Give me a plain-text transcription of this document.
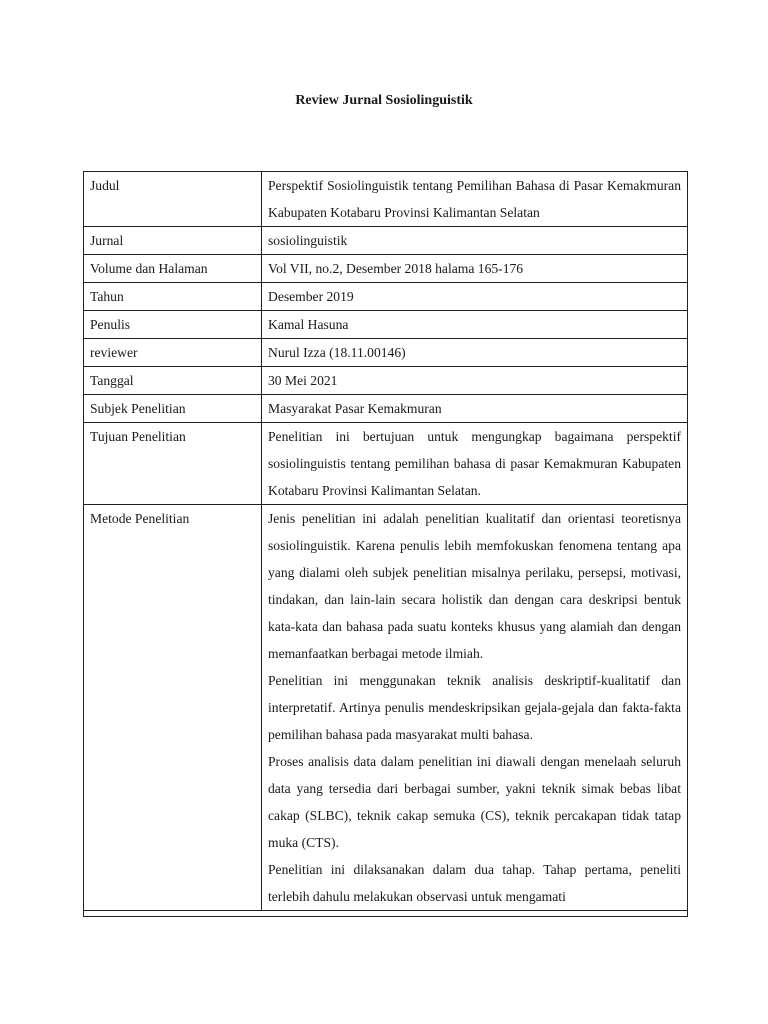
Review Jurnal Sosiolinguistik
Judul	Perspektif Sosiolinguistik tentang Pemilihan Bahasa di Pasar Kemakmuran Kabupaten Kotabaru Provinsi Kalimantan Selatan

Jurnal	sosiolinguistik

Volume dan Halaman	Vol VII, no.2, Desember 2018 halama 165-176

Tahun	Desember 2019

Penulis	Kamal Hasuna

reviewer	Nurul Izza (18.11.00146)

Tanggal	30 Mei 2021

Subjek Penelitian	Masyarakat Pasar Kemakmuran

Tujuan Penelitian	Penelitian ini bertujuan untuk mengungkap bagaimana perspektif sosiolinguistis tentang pemilihan bahasa di pasar Kemakmuran Kabupaten Kotabaru Provinsi Kalimantan Selatan.

Metode Penelitian	Jenis penelitian ini adalah penelitian kualitatif dan orientasi teoretisnya sosiolinguistik. Karena penulis lebih memfokuskan fenomena tentang apa yang dialami oleh subjek penelitian misalnya perilaku, persepsi, motivasi, tindakan, dan lain-lain secara holistik dan dengan cara deskripsi bentuk kata-kata dan bahasa pada suatu konteks khusus yang alamiah dan dengan memanfaatkan berbagai metode ilmiah.

Penelitian ini menggunakan teknik analisis deskriptif-kualitatif dan interpretatif. Artinya penulis mendeskripsikan gejala-gejala dan fakta-fakta pemilihan bahasa pada masyarakat multi bahasa.

Proses analisis data dalam penelitian ini diawali dengan menelaah seluruh data yang tersedia dari berbagai sumber, yakni teknik simak bebas libat cakap (SLBC), teknik cakap semuka (CS), teknik percakapan tidak tatap muka (CTS).

Penelitian ini dilaksanakan dalam dua tahap. Tahap pertama, peneliti terlebih dahulu melakukan observasi untuk mengamati
